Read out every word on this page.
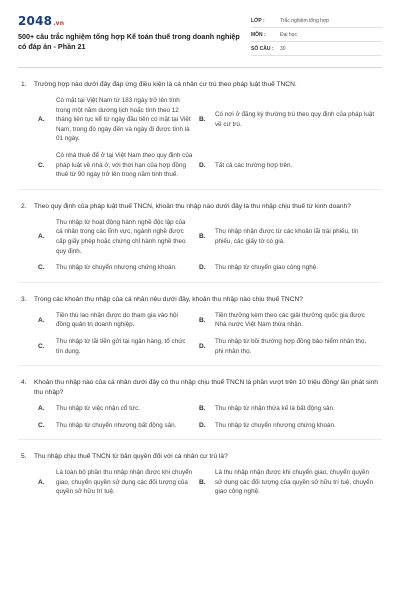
2048.vn
500+ câu trắc nghiệm tổng hợp Kế toán thuế trong doanh nghiệp có đáp án - Phần 21
LỚP :	Trắc nghiệm tổng hợp
MÔN :	Đại học
SỐ CÂU :	30
1.	Trường hợp nào dưới đây đáp ứng điều kiện là cá nhân cư trú theo pháp luật thuế TNCN.
A.
Có mặt tại Việt Nam từ 183 ngày trở lên tính trong một năm dương lịch hoặc tính theo 12 tháng liên tục kể từ ngày đầu tiên có mặt tại Việt Nam, trong đó ngày đến và ngày đi được tính là 01 ngày.
B.
Có nơi ở đăng ký thường trú theo quy định của pháp luật về cư trú.
C.
Có nhà thuê để ở tại Việt Nam theo quy định của pháp luật về nhà ở, với thời hạn của hợp đồng thuê từ 90 ngày trở lên trong năm tính thuế.
D.	Tất cả các trường hợp trên.
2.	Theo quy định của pháp luật thuế TNCN, khoản thu nhập nào dưới đây là thu nhập chịu thuế từ kinh doanh?
A.
Thu nhập từ hoạt động hành nghề độc lập của cá nhân trong các lĩnh vực, ngành nghề được cấp giấy phép hoặc chứng chỉ hành nghề theo quy định.
B.
Thu nhập nhận được từ các khoản lãi trái phiếu, tín phiếu, các giấy tờ có giá.
C.	Thu nhập từ chuyển nhượng chứng khoán.	D.	Thu nhập từ chuyển giao công nghệ.
3.	Trong các khoản thu nhập của cá nhân nêu dưới đây, khoản thu nhập nào chịu thuế TNCN?
A.
Tiền thù lao nhận được do tham gia vào hội đồng quản trị doanh nghiệp.
B.
Tiền thưởng kèm theo các giải thưởng quốc gia được Nhà nước Việt Nam thừa nhận.
C.
Thu nhập từ lãi tiền gửi tại ngân hàng, tổ chức tín dụng.
D.
Thu nhập từ bồi thường hợp đồng bảo hiểm nhân thọ, phi nhân thọ.
4.	Khoản thu nhập nào của cá nhân dưới đây có thu nhập chịu thuế TNCN là phần vượt trên 10 triệu đồng/ lần phát sinh thu nhập?
A.	Thu nhập từ việc nhận cổ tức.	B.	Thu nhập từ nhận thừa kế là bất động sản.
C.	Thu nhập từ chuyển nhượng bất động sản.	D.	Thu nhập từ chuyển nhượng chứng khoán.
5.	Thu nhập chịu thuế TNCN từ bản quyền đối với cá nhân cư trú là?
A.
Là toàn bộ phần thu nhập nhận được khi chuyển giao, chuyển quyền sử dụng các đối tượng của quyền sở hữu trí tuệ.
B.
Là thu nhập nhận được khi chuyển giao, chuyển quyền sử dụng các đối tượng của quyền sở hữu trí tuệ, chuyển giao công nghệ.
